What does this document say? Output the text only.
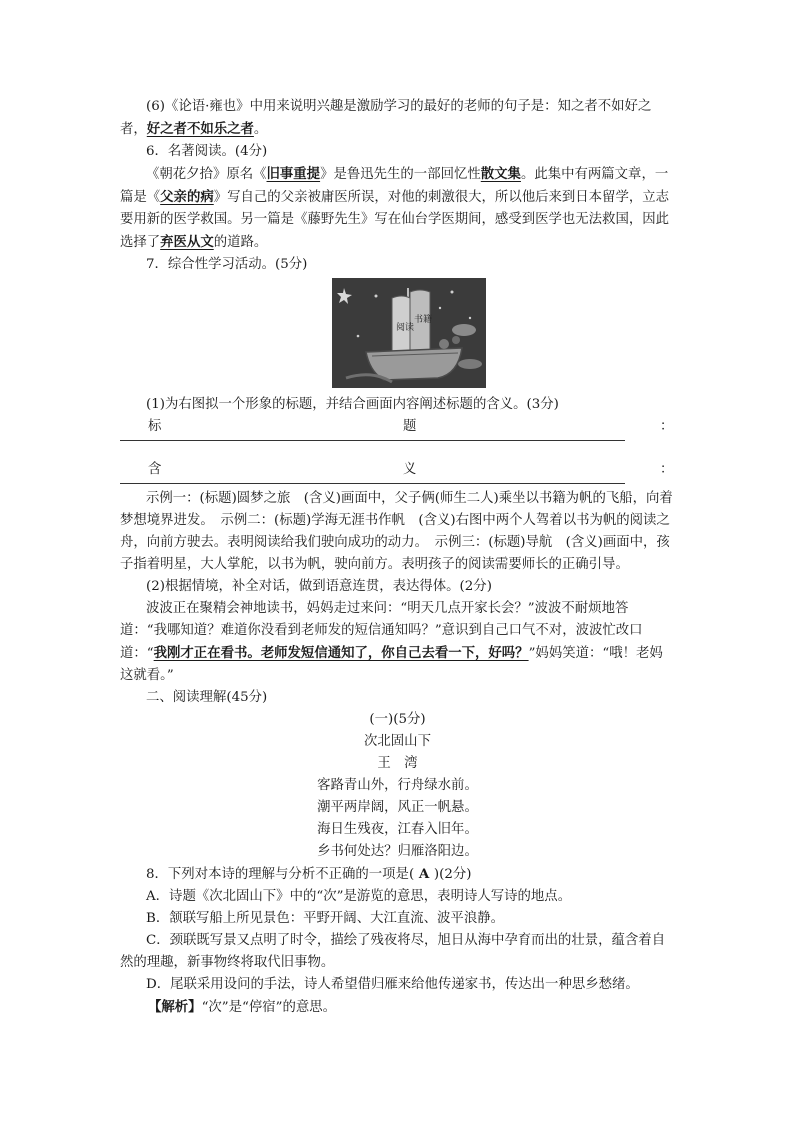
(6)《论语·雍也》中用来说明兴趣是激励学习的最好的老师的句子是：知之者不如好之者，好之者不如乐之者。

6．名著阅读。(4分)

《朝花夕拾》原名《旧事重提》是鲁迅先生的一部回忆性散文集。此集中有两篇文章，一篇是《父亲的病》写自己的父亲被庸医所误，对他的刺激很大，所以他后来到日本留学，立志要用新的医学救国。另一篇是《藤野先生》写在仙台学医期间，感受到医学也无法救国，因此选择了弃医从文的道路。

7．综合性学习活动。(5分)

阅读
书籍

(1)为右图拟一个形象的标题，并结合画面内容阐述标题的含义。(3分)

标	题	：
含	义	：

示例一：(标题)圆梦之旅　(含义)画面中，父子俩(师生二人)乘坐以书籍为帆的飞船，向着梦想境界进发。　示例二：(标题)学海无涯书作帆　(含义)右图中两个人驾着以书为帆的阅读之舟，向前方驶去。表明阅读给我们驶向成功的动力。　示例三：(标题)导航　(含义)画面中，孩子指着明星，大人掌舵，以书为帆，驶向前方。表明孩子的阅读需要师长的正确引导。

(2)根据情境，补全对话，做到语意连贯，表达得体。(2分)

波波正在聚精会神地读书，妈妈走过来问：“明天几点开家长会？”波波不耐烦地答道：“我哪知道？难道你没看到老师发的短信通知吗？”意识到自己口气不对，波波忙改口道：“我刚才正在看书。老师发短信通知了，你自己去看一下，好吗？”妈妈笑道：“哦！老妈这就看。”

二、阅读理解(45分)

(一)(5分)

次北固山下

王　湾

客路青山外，行舟绿水前。

潮平两岸阔，风正一帆悬。

海日生残夜，江春入旧年。

乡书何处达？归雁洛阳边。

8．下列对本诗的理解与分析不正确的一项是( A )(2分)

A．诗题《次北固山下》中的“次”是游览的意思，表明诗人写诗的地点。

B．颔联写船上所见景色：平野开阔、大江直流、波平浪静。

C．颈联既写景又点明了时令，描绘了残夜将尽，旭日从海中孕育而出的壮景，蕴含着自然的理趣，新事物终将取代旧事物。

D．尾联采用设问的手法，诗人希望借归雁来给他传递家书，传达出一种思乡愁绪。

【解析】“次”是“停宿”的意思。
